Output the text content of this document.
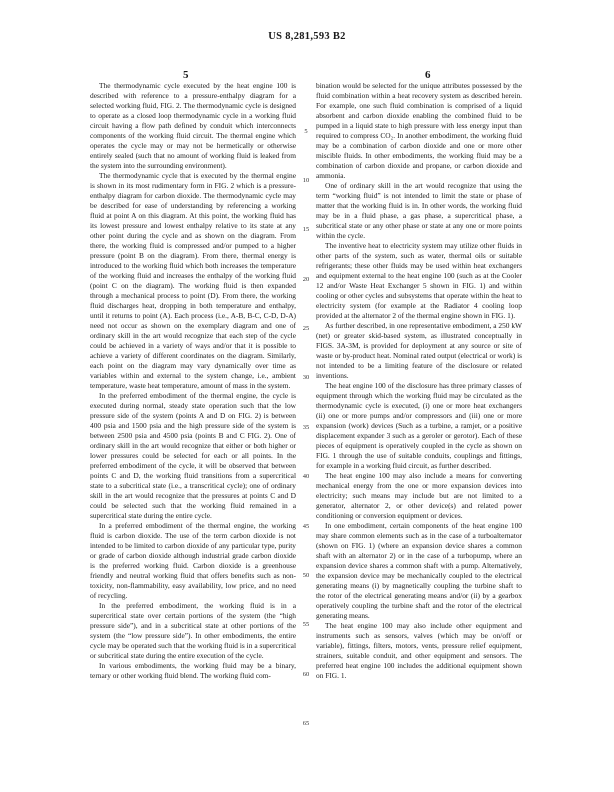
US 8,281,593 B2
5	6

The thermodynamic cycle executed by the heat engine 100 is described with reference to a pressure-enthalpy diagram for a selected working fluid, FIG. 2. The thermodynamic cycle is designed to operate as a closed loop thermodynamic cycle in a working fluid circuit having a flow path defined by conduit which interconnects components of the working fluid circuit. The thermal engine which operates the cycle may or may not be hermetically or otherwise entirely sealed (such that no amount of working fluid is leaked from the system into the surrounding environment).

The thermodynamic cycle that is executed by the thermal engine is shown in its most rudimentary form in FIG. 2 which is a pressure-enthalpy diagram for carbon dioxide. The thermodynamic cycle may be described for ease of understanding by referencing a working fluid at point A on this diagram. At this point, the working fluid has its lowest pressure and lowest enthalpy relative to its state at any other point during the cycle and as shown on the diagram. From there, the working fluid is compressed and/or pumped to a higher pressure (point B on the diagram). From there, thermal energy is introduced to the working fluid which both increases the temperature of the working fluid and increases the enthalpy of the working fluid (point C on the diagram). The working fluid is then expanded through a mechanical process to point (D). From there, the working fluid discharges heat, dropping in both temperature and enthalpy, until it returns to point (A). Each process (i.e., A-B, B-C, C-D, D-A) need not occur as shown on the exemplary diagram and one of ordinary skill in the art would recognize that each step of the cycle could be achieved in a variety of ways and/or that it is possible to achieve a variety of different coordinates on the diagram. Similarly, each point on the diagram may vary dynamically over time as variables within and external to the system change, i.e., ambient temperature, waste heat temperature, amount of mass in the system.

In the preferred embodiment of the thermal engine, the cycle is executed during normal, steady state operation such that the low pressure side of the system (points A and D on FIG. 2) is between 400 psia and 1500 psia and the high pressure side of the system is between 2500 psia and 4500 psia (points B and C FIG. 2). One of ordinary skill in the art would recognize that either or both higher or lower pressures could be selected for each or all points. In the preferred embodiment of the cycle, it will be observed that between points C and D, the working fluid transitions from a supercritical state to a subcritical state (i.e., a transcritical cycle); one of ordinary skill in the art would recognize that the pressures at points C and D could be selected such that the working fluid remained in a supercritical state during the entire cycle.

In a preferred embodiment of the thermal engine, the working fluid is carbon dioxide. The use of the term carbon dioxide is not intended to be limited to carbon dioxide of any particular type, purity or grade of carbon dioxide although industrial grade carbon dioxide is the preferred working fluid. Carbon dioxide is a greenhouse friendly and neutral working fluid that offers benefits such as non-toxicity, non-flammability, easy availability, low price, and no need of recycling.

In the preferred embodiment, the working fluid is in a supercritical state over certain portions of the system (the “high pressure side”), and in a subcritical state at other portions of the system (the “low pressure side”). In other embodiments, the entire cycle may be operated such that the working fluid is in a supercritical or subcritical state during the entire execution of the cycle.

In various embodiments, the working fluid may be a binary, ternary or other working fluid blend. The working fluid com-

bination would be selected for the unique attributes possessed by the fluid combination within a heat recovery system as described herein. For example, one such fluid combination is comprised of a liquid absorbent and carbon dioxide enabling the combined fluid to be pumped in a liquid state to high pressure with less energy input than required to compress CO₂. In another embodiment, the working fluid may be a combination of carbon dioxide and one or more other miscible fluids. In other embodiments, the working fluid may be a combination of carbon dioxide and propane, or carbon dioxide and ammonia.

One of ordinary skill in the art would recognize that using the term “working fluid” is not intended to limit the state or phase of matter that the working fluid is in. In other words, the working fluid may be in a fluid phase, a gas phase, a supercritical phase, a subcritical state or any other phase or state at any one or more points within the cycle.

The inventive heat to electricity system may utilize other fluids in other parts of the system, such as water, thermal oils or suitable refrigerants; these other fluids may be used within heat exchangers and equipment external to the heat engine 100 (such as at the Cooler 12 and/or Waste Heat Exchanger 5 shown in FIG. 1) and within cooling or other cycles and subsystems that operate within the heat to electricity system (for example at the Radiator 4 cooling loop provided at the alternator 2 of the thermal engine shown in FIG. 1).

As further described, in one representative embodiment, a 250 kW (net) or greater skid-based system, as illustrated conceptually in FIGS. 3A-3M, is provided for deployment at any source or site of waste or by-product heat. Nominal rated output (electrical or work) is not intended to be a limiting feature of the disclosure or related inventions.

The heat engine 100 of the disclosure has three primary classes of equipment through which the working fluid may be circulated as the thermodynamic cycle is executed, (i) one or more heat exchangers (ii) one or more pumps and/or compressors and (iii) one or more expansion (work) devices (Such as a turbine, a ramjet, or a positive displacement expander 3 such as a geroler or gerotor). Each of these pieces of equipment is operatively coupled in the cycle as shown on FIG. 1 through the use of suitable conduits, couplings and fittings, for example in a working fluid circuit, as further described.

The heat engine 100 may also include a means for converting mechanical energy from the one or more expansion devices into electricity; such means may include but are not limited to a generator, alternator 2, or other device(s) and related power conditioning or conversion equipment or devices.

In one embodiment, certain components of the heat engine 100 may share common elements such as in the case of a turboalternator (shown on FIG. 1) (where an expansion device shares a common shaft with an alternator 2) or in the case of a turbopump, where an expansion device shares a common shaft with a pump. Alternatively, the expansion device may be mechanically coupled to the electrical generating means (i) by magnetically coupling the turbine shaft to the rotor of the electrical generating means and/or (ii) by a gearbox operatively coupling the turbine shaft and the rotor of the electrical generating means.

The heat engine 100 may also include other equipment and instruments such as sensors, valves (which may be on/off or variable), fittings, filters, motors, vents, pressure relief equipment, strainers, suitable conduit, and other equipment and sensors. The preferred heat engine 100 includes the additional equipment shown on FIG. 1.

5
10
15
20
25
30
35
40
45
50
55
60
65
